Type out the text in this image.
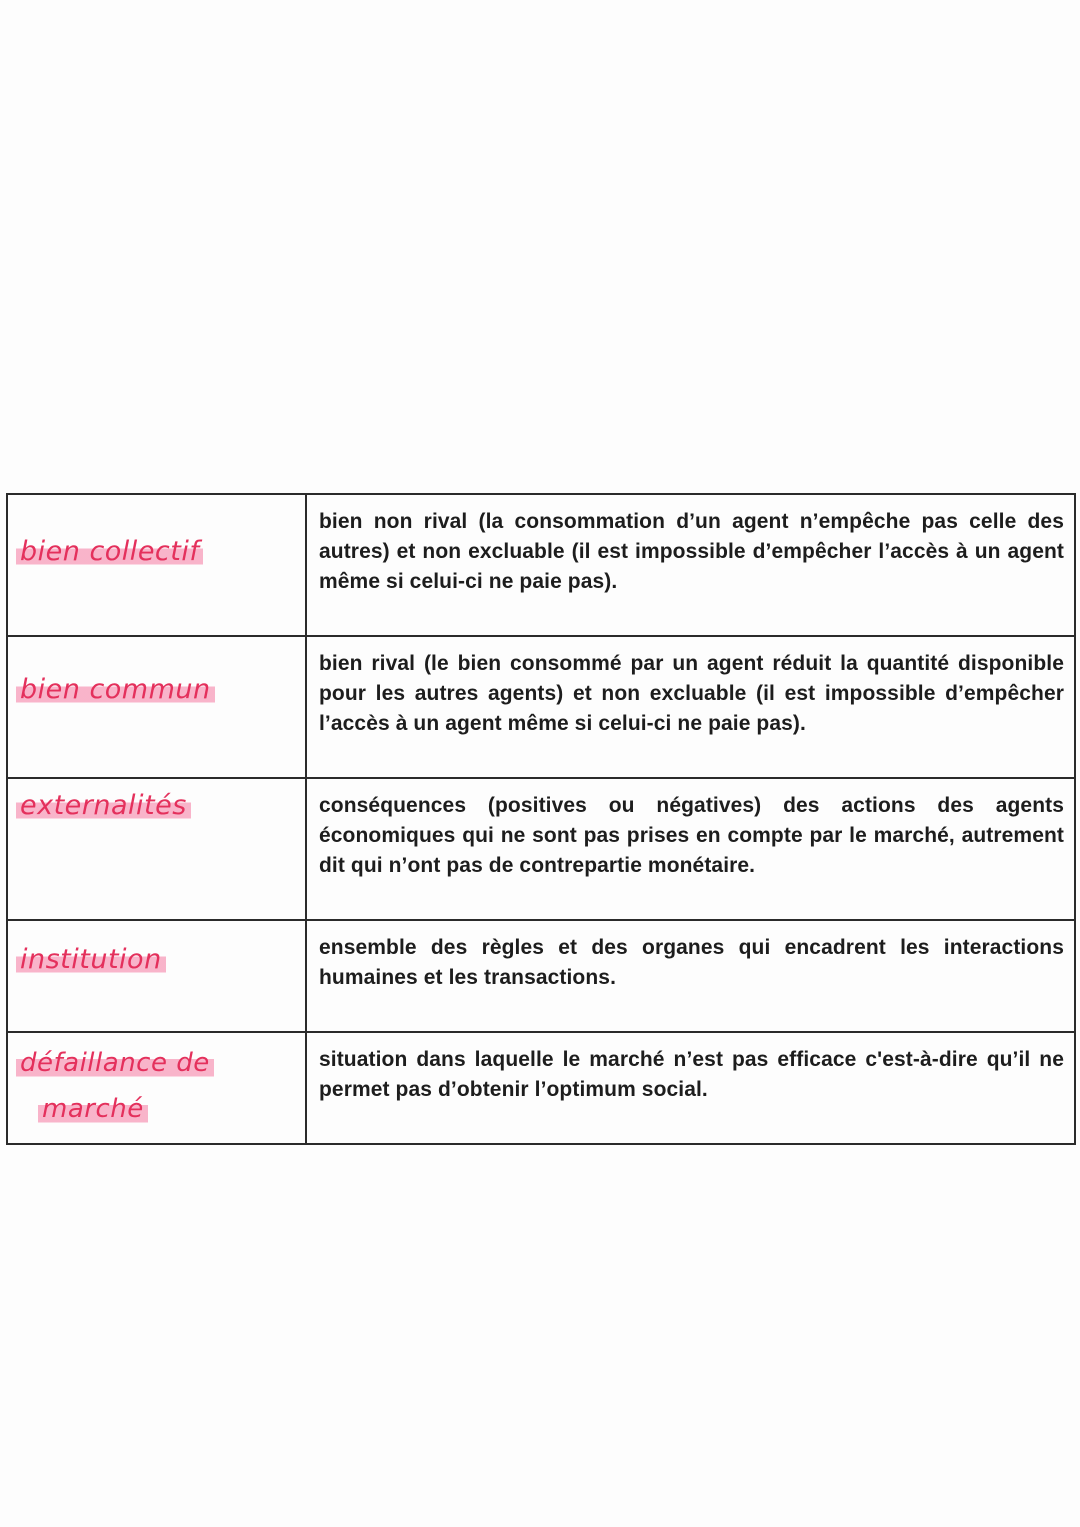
bien collectif	bien non rival (la consommation d’un agent n’empêche pas celle des autres) et non excluable (il est impossible d’empêcher l’accès à un agent même si celui-ci ne paie pas).

bien commun	bien rival (le bien consommé par un agent réduit la quantité disponible pour les autres agents) et non excluable (il est impossible d’empêcher l’accès à un agent même si celui-ci ne paie pas).

externalités	conséquences (positives ou négatives) des actions des agents économiques qui ne sont pas prises en compte par le marché, autrement dit qui n’ont pas de contrepartie monétaire.

institution	ensemble des règles et des organes qui encadrent les interactions humaines et les transactions.

défaillance de
marché	situation dans laquelle le marché n’est pas efficace c'est-à-dire qu’il ne permet pas d’obtenir l’optimum social.
